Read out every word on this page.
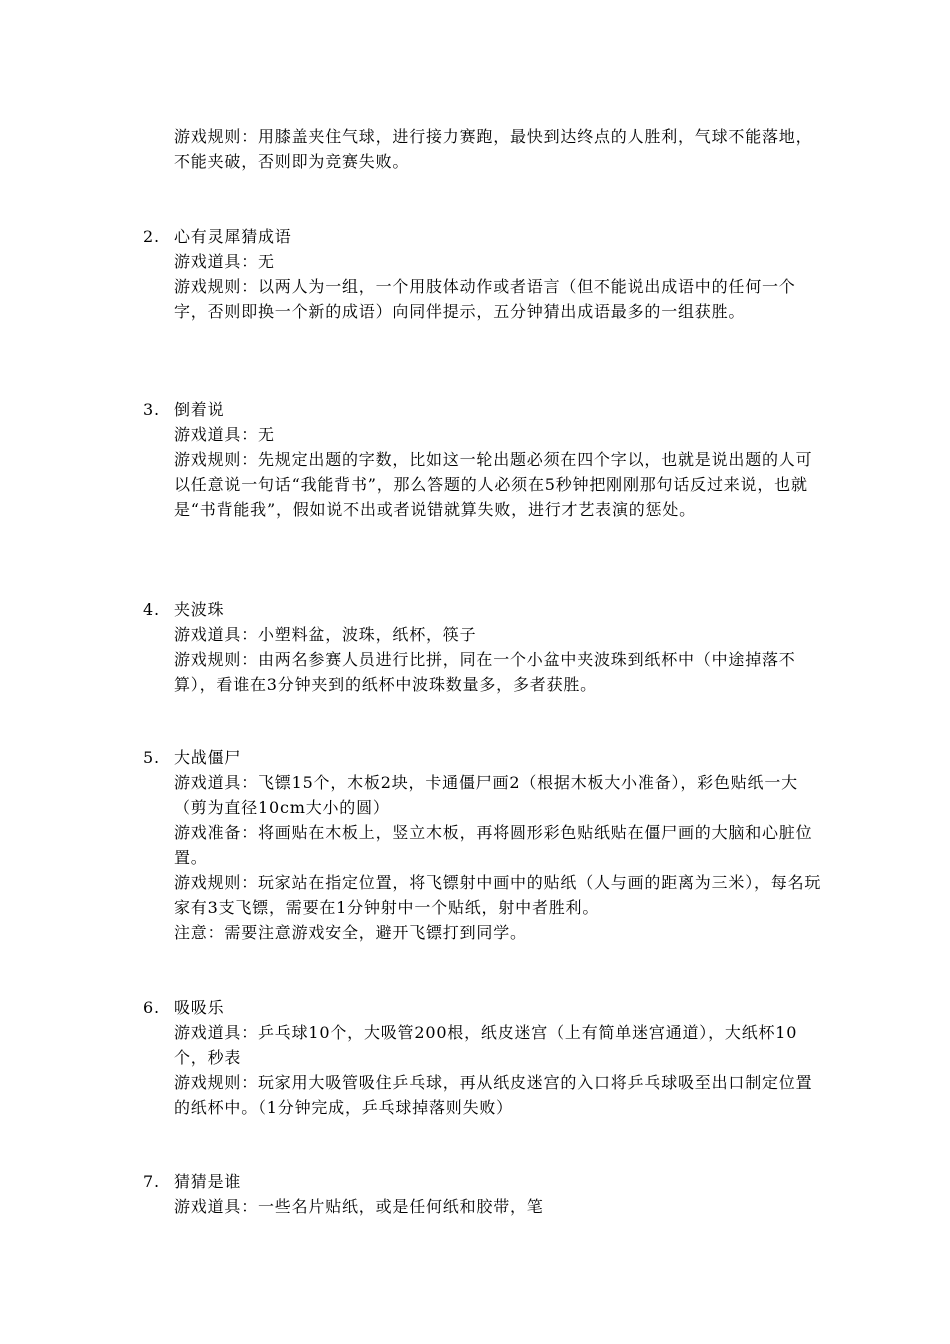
游戏规则：用膝盖夹住气球，进行接力赛跑，最快到达终点的人胜利，气球不能落地，不能夹破，否则即为竞赛失败。
2. 心有灵犀猜成语
游戏道具：无
游戏规则：以两人为一组，一个用肢体动作或者语言（但不能说出成语中的任何一个字，否则即换一个新的成语）向同伴提示，五分钟猜出成语最多的一组获胜。
3. 倒着说
游戏道具：无
游戏规则：先规定出题的字数，比如这一轮出题必须在四个字以，也就是说出题的人可以任意说一句话“我能背书”，那么答题的人必须在5秒钟把刚刚那句话反过来说，也就是“书背能我”，假如说不出或者说错就算失败，进行才艺表演的惩处。
4. 夹波珠
游戏道具：小塑料盆，波珠，纸杯，筷子
游戏规则：由两名参赛人员进行比拼，同在一个小盆中夹波珠到纸杯中（中途掉落不算），看谁在3分钟夹到的纸杯中波珠数量多，多者获胜。
5. 大战僵尸
游戏道具：飞镖15个，木板2块，卡通僵尸画2（根据木板大小准备），彩色贴纸一大（剪为直径10cm大小的圆）
游戏准备：将画贴在木板上，竖立木板，再将圆形彩色贴纸贴在僵尸画的大脑和心脏位置。
游戏规则：玩家站在指定位置，将飞镖射中画中的贴纸（人与画的距离为三米），每名玩家有3支飞镖，需要在1分钟射中一个贴纸，射中者胜利。
注意：需要注意游戏安全，避开飞镖打到同学。
6. 吸吸乐
游戏道具：乒乓球10个，大吸管200根，纸皮迷宫（上有简单迷宫通道），大纸杯10个，秒表
游戏规则：玩家用大吸管吸住乒乓球，再从纸皮迷宫的入口将乒乓球吸至出口制定位置的纸杯中。（1分钟完成，乒乓球掉落则失败）
7. 猜猜是谁
游戏道具：一些名片贴纸，或是任何纸和胶带，笔
